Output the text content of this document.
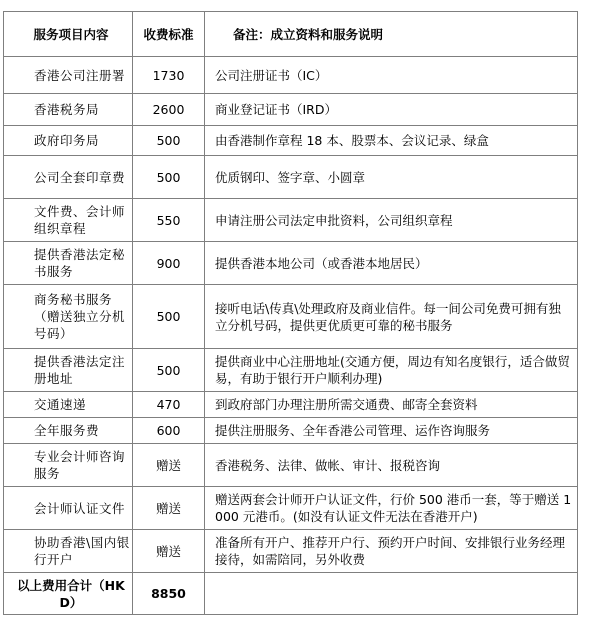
服务项目内容	收费标准	备注：成立资料和服务说明
香港公司注册署	1730	公司注册证书（IC）
香港税务局	2600	商业登记证书（IRD）
政府印务局	500	由香港制作章程 18 本、股票本、会议记录、绿盒
公司全套印章费	500	优质钢印、签字章、小圆章
文件费、会计师组织章程	550	申请注册公司法定申批资料，公司组织章程
提供香港法定秘书服务	900	提供香港本地公司（或香港本地居民）
商务秘书服务（赠送独立分机号码）	500	接听电话\传真\处理政府及商业信件。每一间公司免费可拥有独立分机号码，提供更优质更可靠的秘书服务
提供香港法定注册地址	500	提供商业中心注册地址(交通方便，周边有知名度银行，适合做贸易，有助于银行开户顺利办理)
交通速递	470	到政府部门办理注册所需交通费、邮寄全套资料
全年服务费	600	提供注册服务、全年香港公司管理、运作咨询服务
专业会计师咨询服务	赠送	香港税务、法律、做帐、审计、报税咨询
会计师认证文件	赠送	赠送两套会计师开户认证文件，行价 500 港币一套，等于赠送 1000 元港币。(如没有认证文件无法在香港开户)
协助香港\国内银行开户	赠送	准备所有开户、推荐开户行、预约开户时间、安排银行业务经理接待，如需陪同，另外收费
以上费用合计（HKD）	8850	
